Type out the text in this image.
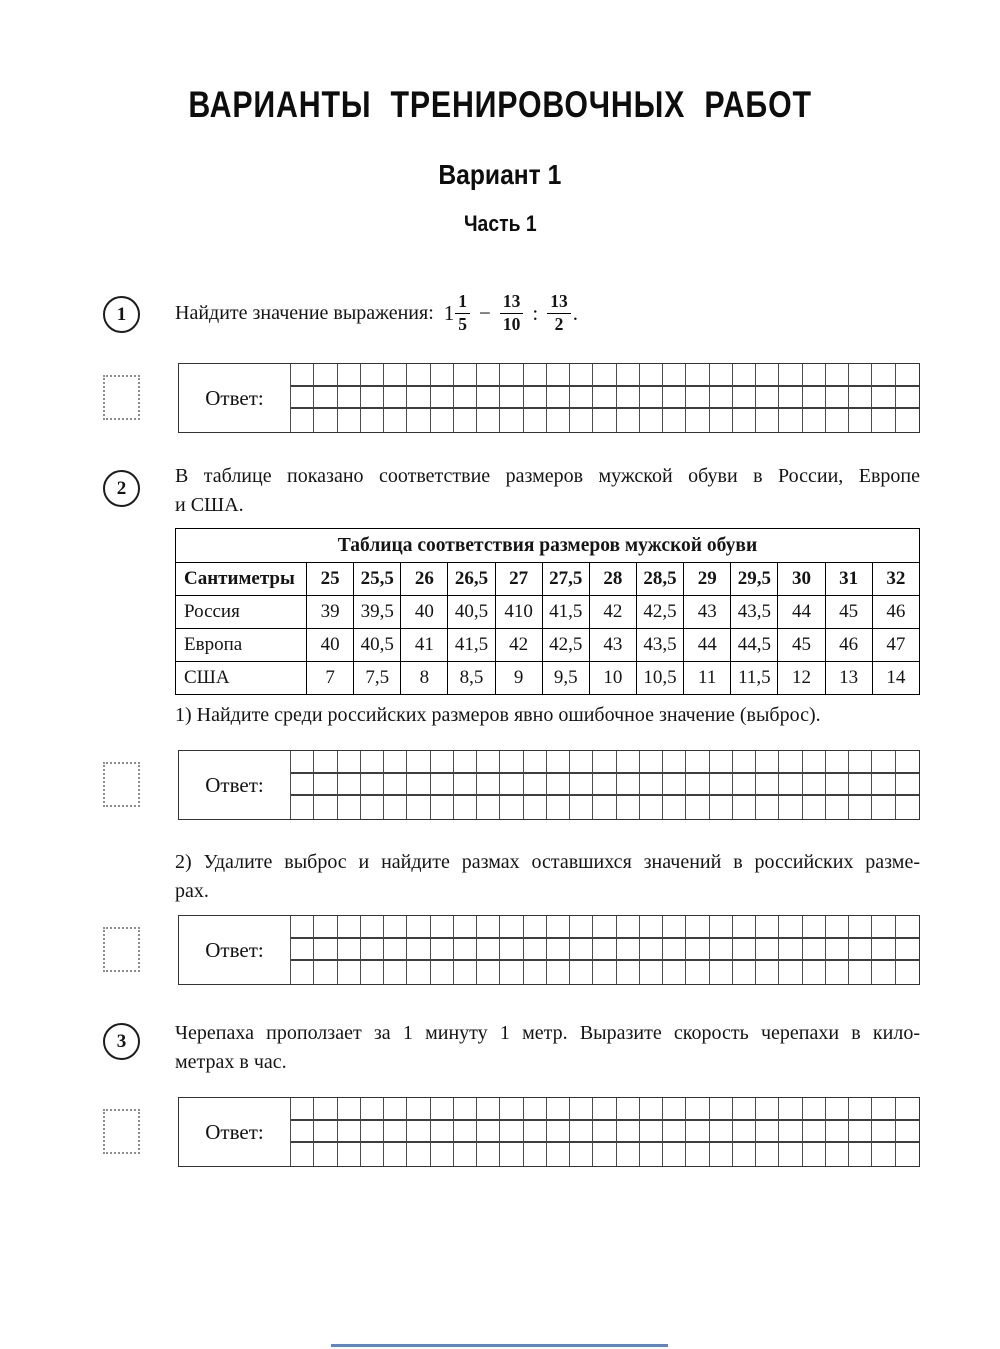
ВАРИАНТЫ ТРЕНИРОВОЧНЫХ РАБОТ
Вариант 1
Часть 1
1 Найдите значение выражения: $1 \frac{1}{5} - \frac{13}{10}$ : $\frac{13}{2}$ .
Ответ:
2
В таблице показано соответствие размеров мужской обуви в России, Европе
и США.
Таблица соответствия размеров мужской обуви													
Сантиметры	25	25,5	26	26,5	27	27,5	28	28,5	29	29,5	30	31	32
Россия	39	39,5	40	40,5	410	41,5	42	42,5	43	43,5	44	45	46
Европа	40	40,5	41	41,5	42	42,5	43	43,5	44	44,5	45	46	47
США	7	7,5	8	8,5	9	9,5	10	10,5	11	11,5	12	13	14
1) Найдите среди российских размеров явно ошибочное значение (выброс).
Ответ:
2) Удалите выброс и найдите размах оставшихся значений в российских разме-
рах.
Ответ:
3 Черепаха проползает за 1 минуту 1 метр. Выразите скорость черепахи в кило-
метрах в час.
Ответ:
